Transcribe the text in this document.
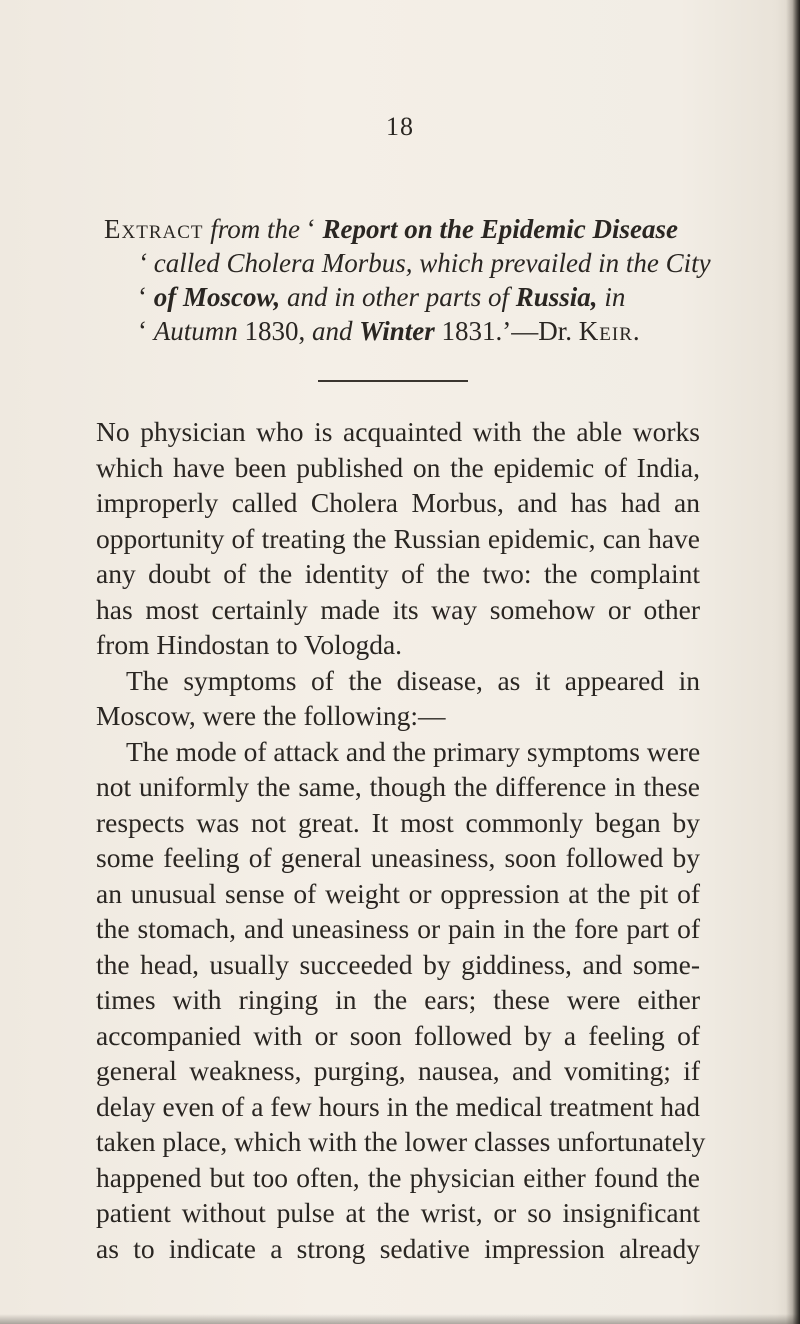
18
Extract from the ‘ Report on the Epidemic Disease
‘ called Cholera Morbus, which prevailed in the City
‘ of Moscow, and in other parts of Russia, in
‘ Autumn 1830, and Winter 1831.’—Dr. Keir.
No physician who is acquainted with the able works
which have been published on the epidemic of India,
improperly called Cholera Morbus, and has had an
opportunity of treating the Russian epidemic, can have
any doubt of the identity of the two: the complaint
has most certainly made its way somehow or other
from Hindostan to Vologda.
The symptoms of the disease, as it appeared in
Moscow, were the following:—
The mode of attack and the primary symptoms were
not uniformly the same, though the difference in these
respects was not great. It most commonly began by
some feeling of general uneasiness, soon followed by
an unusual sense of weight or oppression at the pit of
the stomach, and uneasiness or pain in the fore part of
the head, usually succeeded by giddiness, and some-
times with ringing in the ears; these were either
accompanied with or soon followed by a feeling of
general weakness, purging, nausea, and vomiting; if
delay even of a few hours in the medical treatment had
taken place, which with the lower classes unfortunately
happened but too often, the physician either found the
patient without pulse at the wrist, or so insignificant
as to indicate a strong sedative impression already
